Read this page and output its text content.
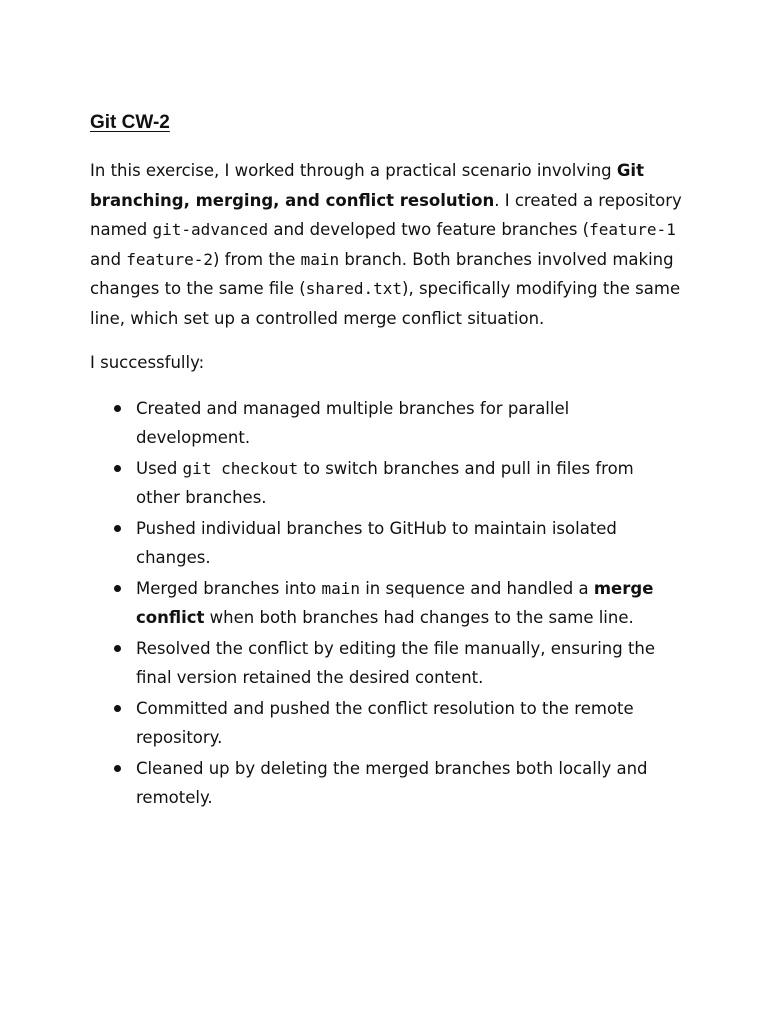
Git CW-2

In this exercise, I worked through a practical scenario involving Git branching, merging, and conflict resolution. I created a repository named git-advanced and developed two feature branches (feature-1 and feature-2) from the main branch. Both branches involved making changes to the same file (shared.txt), specifically modifying the same line, which set up a controlled merge conflict situation.

I successfully:

Created and managed multiple branches for parallel development.
Used git checkout to switch branches and pull in files from other branches.
Pushed individual branches to GitHub to maintain isolated changes.
Merged branches into main in sequence and handled a merge conflict when both branches had changes to the same line.
Resolved the conflict by editing the file manually, ensuring the final version retained the desired content.
Committed and pushed the conflict resolution to the remote repository.
Cleaned up by deleting the merged branches both locally and remotely.
